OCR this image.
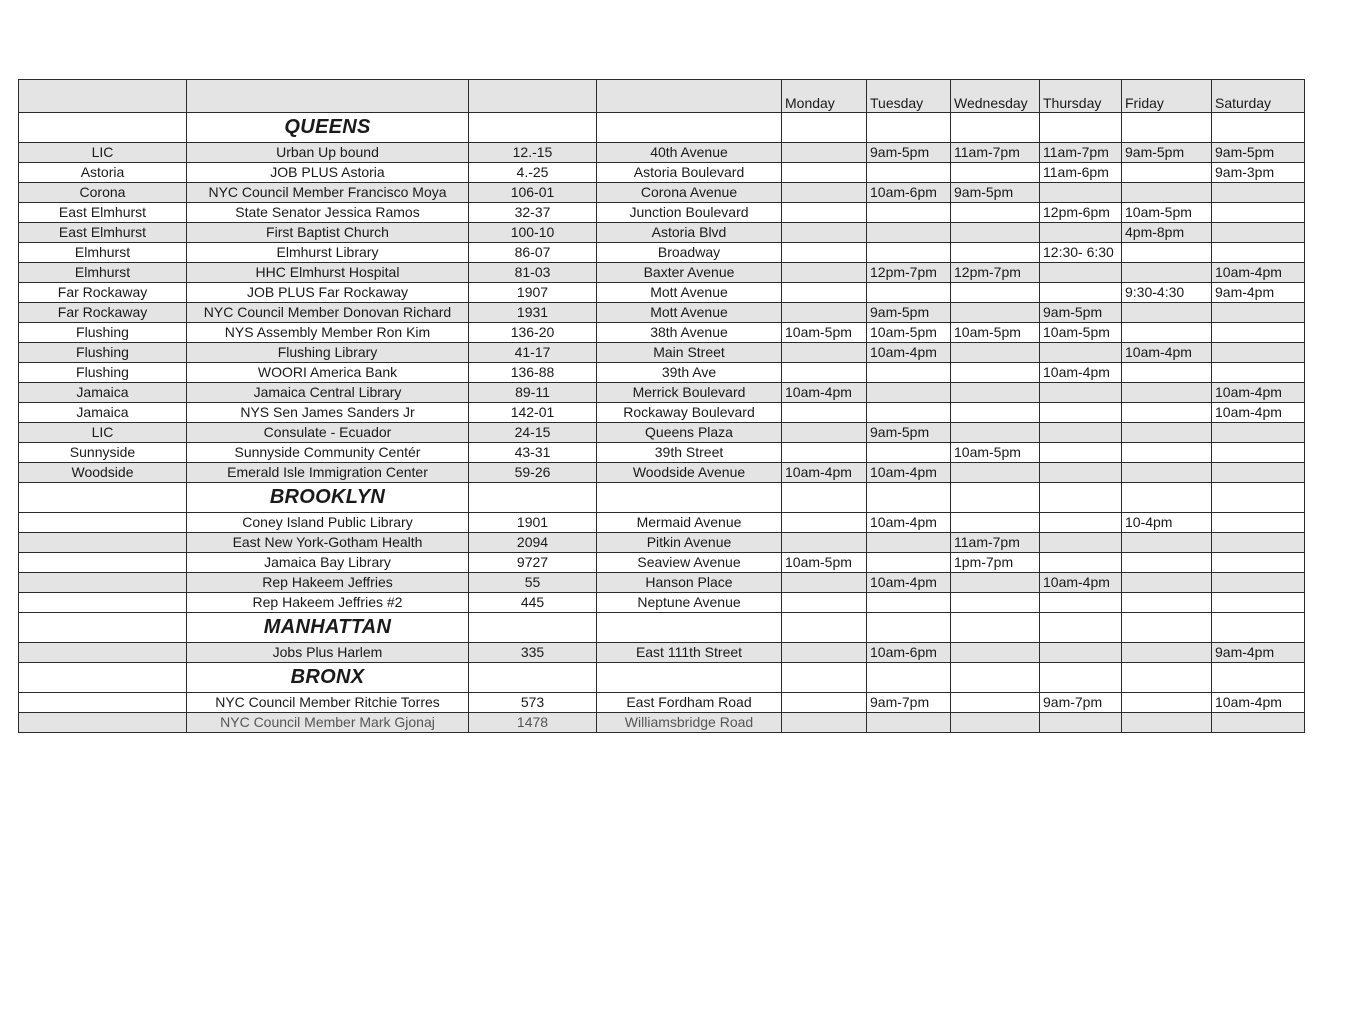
				Monday	Tuesday	Wednesday	Thursday	Friday	Saturday
	QUEENS								
LIC	Urban Up bound	12.-15	40th Avenue		9am-5pm	11am-7pm	11am-7pm	9am-5pm	9am-5pm
Astoria	JOB PLUS Astoria	4.-25	Astoria Boulevard				11am-6pm		9am-3pm
Corona	NYC Council Member Francisco Moya	106-01	Corona Avenue		10am-6pm	9am-5pm			
East Elmhurst	State Senator Jessica Ramos	32-37	Junction Boulevard				12pm-6pm	10am-5pm	
East Elmhurst	First Baptist Church	100-10	Astoria Blvd					4pm-8pm	
Elmhurst	Elmhurst Library	86-07	Broadway				12:30- 6:30		
Elmhurst	HHC Elmhurst Hospital	81-03	Baxter Avenue		12pm-7pm	12pm-7pm			10am-4pm
Far Rockaway	JOB PLUS Far Rockaway	1907	Mott Avenue					9:30-4:30	9am-4pm
Far Rockaway	NYC Council Member Donovan Richard	1931	Mott Avenue		9am-5pm		9am-5pm		
Flushing	NYS Assembly Member Ron Kim	136-20	38th Avenue	10am-5pm	10am-5pm	10am-5pm	10am-5pm		
Flushing	Flushing Library	41-17	Main Street		10am-4pm			10am-4pm	
Flushing	WOORI America Bank	136-88	39th Ave				10am-4pm		
Jamaica	Jamaica Central Library	89-11	Merrick Boulevard	10am-4pm					10am-4pm
Jamaica	NYS Sen James Sanders Jr	142-01	Rockaway Boulevard						10am-4pm
LIC	Consulate - Ecuador	24-15	Queens Plaza		9am-5pm				
Sunnyside	Sunnyside Community Centér	43-31	39th Street			10am-5pm			
Woodside	Emerald Isle Immigration Center	59-26	Woodside Avenue	10am-4pm	10am-4pm				
	BROOKLYN								
	Coney Island Public Library	1901	Mermaid Avenue		10am-4pm			10-4pm	
	East New York-Gotham Health	2094	Pitkin Avenue			11am-7pm			
	Jamaica Bay Library	9727	Seaview Avenue	10am-5pm		1pm-7pm			
	Rep Hakeem Jeffries	55	Hanson Place		10am-4pm		10am-4pm		
	Rep Hakeem Jeffries #2	445	Neptune Avenue						
	MANHATTAN								
	Jobs Plus Harlem	335	East 111th Street		10am-6pm				9am-4pm
	BRONX								
	NYC Council Member Ritchie Torres	573	East Fordham Road		9am-7pm		9am-7pm		10am-4pm
	NYC Council Member Mark Gjonaj	1478	Williamsbridge Road						
